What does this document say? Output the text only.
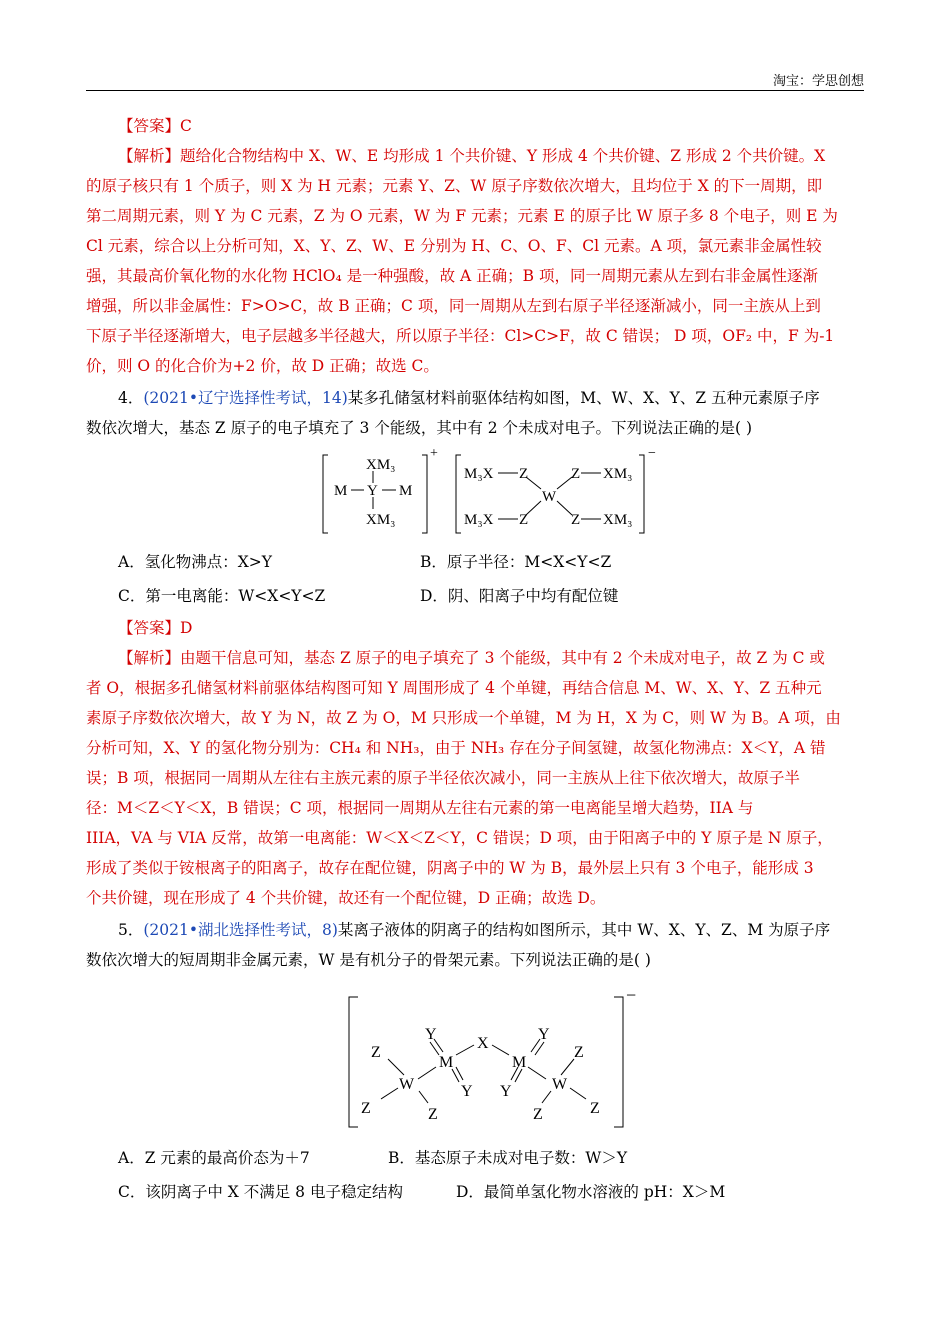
淘宝：学思创想
【答案】C
【解析】题给化合物结构中 X、W、E 均形成 1 个共价键、Y 形成 4 个共价键、Z 形成 2 个共价键。X
的原子核只有 1 个质子，则 X 为 H 元素；元素 Y、Z、W 原子序数依次增大，且均位于 X 的下一周期，即
第二周期元素，则 Y 为 C 元素，Z 为 O 元素，W 为 F 元素；元素 E 的原子比 W 原子多 8 个电子，则 E 为
Cl 元素，综合以上分析可知，X、Y、Z、W、E 分别为 H、C、O、F、Cl 元素。A 项，氯元素非金属性较
强，其最高价氧化物的水化物 HClO₄ 是一种强酸，故 A 正确；B 项，同一周期元素从左到右非金属性逐渐
增强，所以非金属性：F>O>C，故 B 正确；C 项，同一周期从左到右原子半径逐渐减小，同一主族从上到
下原子半径逐渐增大，电子层越多半径越大，所以原子半径：Cl>C>F，故 C 错误； D 项，OF₂ 中，F 为-1
价，则 O 的化合价为+2 价，故 D 正确；故选 C。
4．(2021•辽宁选择性考试，14)某多孔储氢材料前驱体结构如图，M、W、X、Y、Z 五种元素原子序
数依次增大，基态 Z 原子的电子填充了 3 个能级，其中有 2 个未成对电子。下列说法正确的是( )
XM₃
XM₃
M Y M
+
M₃X
M₃X
Z
Z
W
Z
Z
XM₃
XM₃
−
A．氢化物沸点：X>Y	B．原子半径：M<X<Y<Z
C．第一电离能：W<X<Y<Z	D．阴、阳离子中均有配位键
【答案】D
【解析】由题干信息可知，基态 Z 原子的电子填充了 3 个能级，其中有 2 个未成对电子，故 Z 为 C 或
者 O，根据多孔储氢材料前驱体结构图可知 Y 周围形成了 4 个单键，再结合信息 M、W、X、Y、Z 五种元
素原子序数依次增大，故 Y 为 N，故 Z 为 O，M 只形成一个单键，M 为 H，X 为 C，则 W 为 B。A 项，由
分析可知，X、Y 的氢化物分别为：CH₄ 和 NH₃，由于 NH₃ 存在分子间氢键，故氢化物沸点：X＜Y，A 错
误；B 项，根据同一周期从左往右主族元素的原子半径依次减小，同一主族从上往下依次增大，故原子半
径：M＜Z＜Y＜X，B 错误；C 项，根据同一周期从左往右元素的第一电离能呈增大趋势，IIA 与
IIIA，VA 与 VIA 反常，故第一电离能：W＜X＜Z＜Y，C 错误；D 项，由于阳离子中的 Y 原子是 N 原子，
形成了类似于铵根离子的阳离子，故存在配位键，阴离子中的 W 为 B，最外层上只有 3 个电子，能形成 3
个共价键，现在形成了 4 个共价键，故还有一个配位键，D 正确；故选 D。
5．(2021•湖北选择性考试，8)某离子液体的阴离子的结构如图所示，其中 W、X、Y、Z、M 为原子序
数依次增大的短周期非金属元素，W 是有机分子的骨架元素。下列说法正确的是( )
Z
W
Z	Z
Y
M
Y
X
Y
M
Y	W
Z
Z
Z
−
A．Z 元素的最高价态为＋7	B．基态原子未成对电子数：W＞Y
C．该阴离子中 X 不满足 8 电子稳定结构	D．最简单氢化物水溶液的 pH：X＞M
